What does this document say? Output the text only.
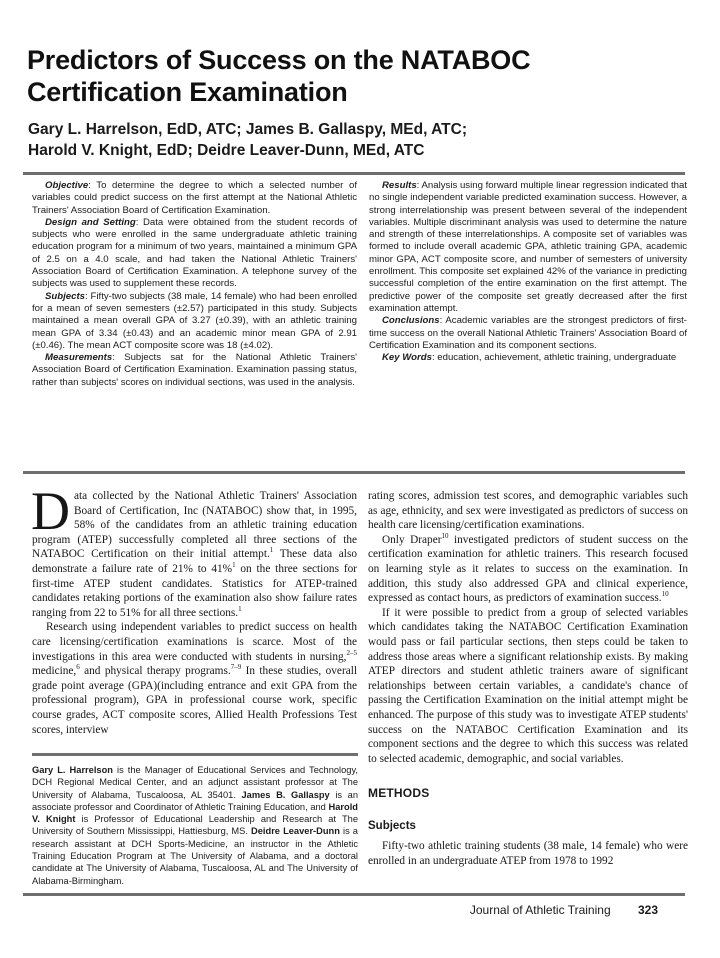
Predictors of Success on the NATABOC Certification Examination
Gary L. Harrelson, EdD, ATC; James B. Gallaspy, MEd, ATC;
Harold V. Knight, EdD; Deidre Leaver-Dunn, MEd, ATC

Objective: To determine the degree to which a selected number of variables could predict success on the first attempt at the National Athletic Trainers' Association Board of Certification Examination.

Design and Setting: Data were obtained from the student records of subjects who were enrolled in the same undergraduate athletic training education program for a minimum of two years, maintained a minimum GPA of 2.5 on a 4.0 scale, and had taken the National Athletic Trainers' Association Board of Certification Examination. A telephone survey of the subjects was used to supplement these records.

Subjects: Fifty-two subjects (38 male, 14 female) who had been enrolled for a mean of seven semesters (±2.57) participated in this study. Subjects maintained a mean overall GPA of 3.27 (±0.39), with an athletic training mean GPA of 3.34 (±0.43) and an academic minor mean GPA of 2.91 (±0.46). The mean ACT composite score was 18 (±4.02).

Measurements: Subjects sat for the National Athletic Trainers' Association Board of Certification Examination. Examination passing status, rather than subjects' scores on individual sections, was used in the analysis.

Results: Analysis using forward multiple linear regression indicated that no single independent variable predicted examination success. However, a strong interrelationship was present between several of the independent variables. Multiple discriminant analysis was used to determine the nature and strength of these interrelationships. A composite set of variables was formed to include overall academic GPA, athletic training GPA, academic minor GPA, ACT composite score, and number of semesters of university enrollment. This composite set explained 42% of the variance in predicting successful completion of the entire examination on the first attempt. The predictive power of the composite set greatly decreased after the first examination attempt.

Conclusions: Academic variables are the strongest predictors of first-time success on the overall National Athletic Trainers' Association Board of Certification Examination and its component sections.

Key Words: education, achievement, athletic training, undergraduate

Data collected by the National Athletic Trainers' Association Board of Certification, Inc (NATABOC) show that, in 1995, 58% of the candidates from an athletic training education program (ATEP) successfully completed all three sections of the NATABOC Certification on their initial attempt.$^1$ These data also demonstrate a failure rate of 21% to 41%$^1$ on the three sections for first-time ATEP student candidates. Statistics for ATEP-trained candidates retaking portions of the examination also show failure rates ranging from 22 to 51% for all three sections.$^1$

Research using independent variables to predict success on health care licensing/certification examinations is scarce. Most of the investigations in this area were conducted with students in nursing,$^{2-5}$ medicine,$^6$ and physical therapy programs.$^{7-9}$ In these studies, overall grade point average (GPA)(including entrance and exit GPA from the professional program), GPA in professional course work, specific course grades, ACT composite scores, Allied Health Professions Test scores, interview

Gary L. Harrelson is the Manager of Educational Services and Technology, DCH Regional Medical Center, and an adjunct assistant professor at The University of Alabama, Tuscaloosa, AL 35401. James B. Gallaspy is an associate professor and Coordinator of Athletic Training Education, and Harold V. Knight is Professor of Educational Leadership and Research at The University of Southern Mississippi, Hattiesburg, MS. Deidre Leaver-Dunn is a research assistant at DCH Sports-Medicine, an instructor in the Athletic Training Education Program at The University of Alabama, and a doctoral candidate at The University of Alabama, Tuscaloosa, AL and The University of Alabama-Birmingham.

rating scores, admission test scores, and demographic variables such as age, ethnicity, and sex were investigated as predictors of success on health care licensing/certification examinations.

Only Draper$^{10}$ investigated predictors of student success on the certification examination for athletic trainers. This research focused on learning style as it relates to success on the examination. In addition, this study also addressed GPA and clinical experience, expressed as contact hours, as predictors of examination success.$^{10}$

If it were possible to predict from a group of selected variables which candidates taking the NATABOC Certification Examination would pass or fail particular sections, then steps could be taken to address those areas where a significant relationship exists. By making ATEP directors and student athletic trainers aware of significant relationships between certain variables, a candidate's chance of passing the Certification Examination on the initial attempt might be enhanced. The purpose of this study was to investigate ATEP students' success on the NATABOC Certification Examination and its component sections and the degree to which this success was related to selected academic, demographic, and social variables.

METHODS
Subjects

Fifty-two athletic training students (38 male, 14 female) who were enrolled in an undergraduate ATEP from 1978 to 1992

Journal of Athletic Training 323
